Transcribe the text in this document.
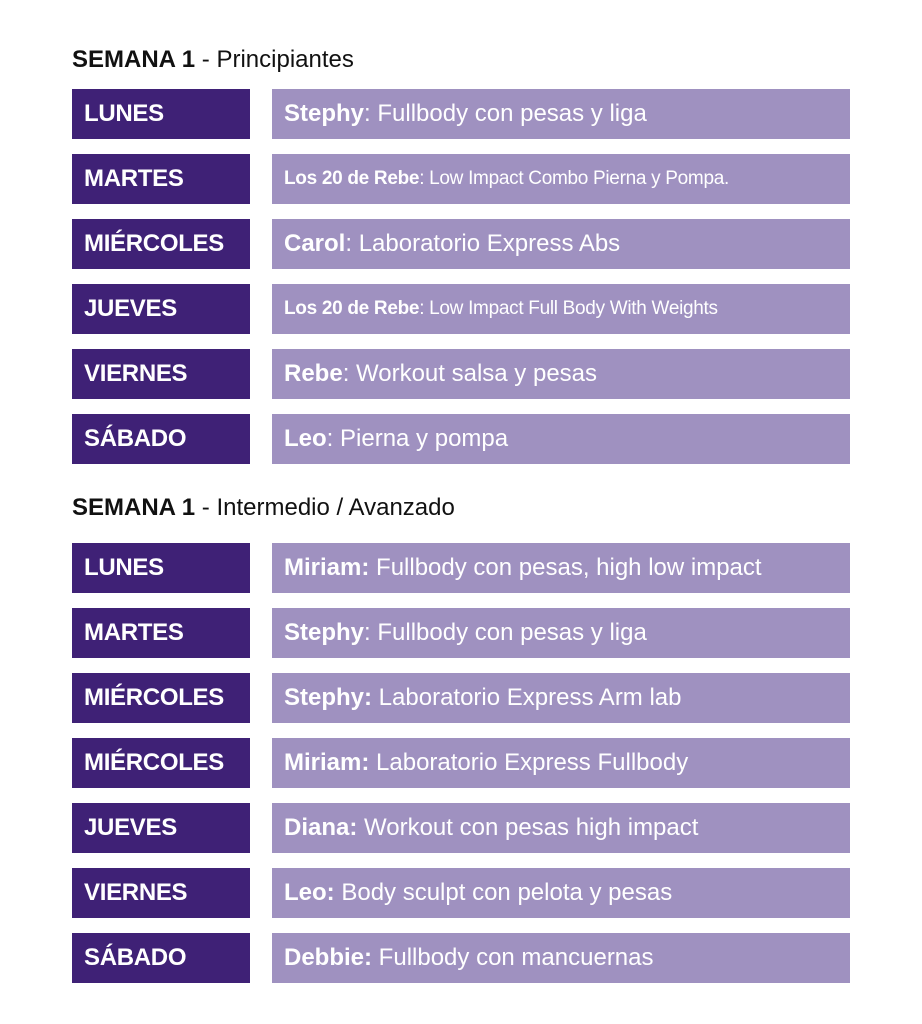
SEMANA 1 - Principiantes
LUNES	Stephy: Fullbody con pesas y liga
MARTES	Los 20 de Rebe: Low Impact Combo Pierna y Pompa.
MIÉRCOLES	Carol: Laboratorio Express Abs
JUEVES	Los 20 de Rebe: Low Impact Full Body With Weights
VIERNES	Rebe: Workout salsa y pesas
SÁBADO	Leo: Pierna y pompa
SEMANA 1 - Intermedio / Avanzado
LUNES	Miriam: Fullbody con pesas, high low impact
MARTES	Stephy: Fullbody con pesas y liga
MIÉRCOLES	Stephy: Laboratorio Express Arm lab
MIÉRCOLES	Miriam: Laboratorio Express Fullbody
JUEVES	Diana: Workout con pesas high impact
VIERNES	Leo: Body sculpt con pelota y pesas
SÁBADO	Debbie: Fullbody con mancuernas
